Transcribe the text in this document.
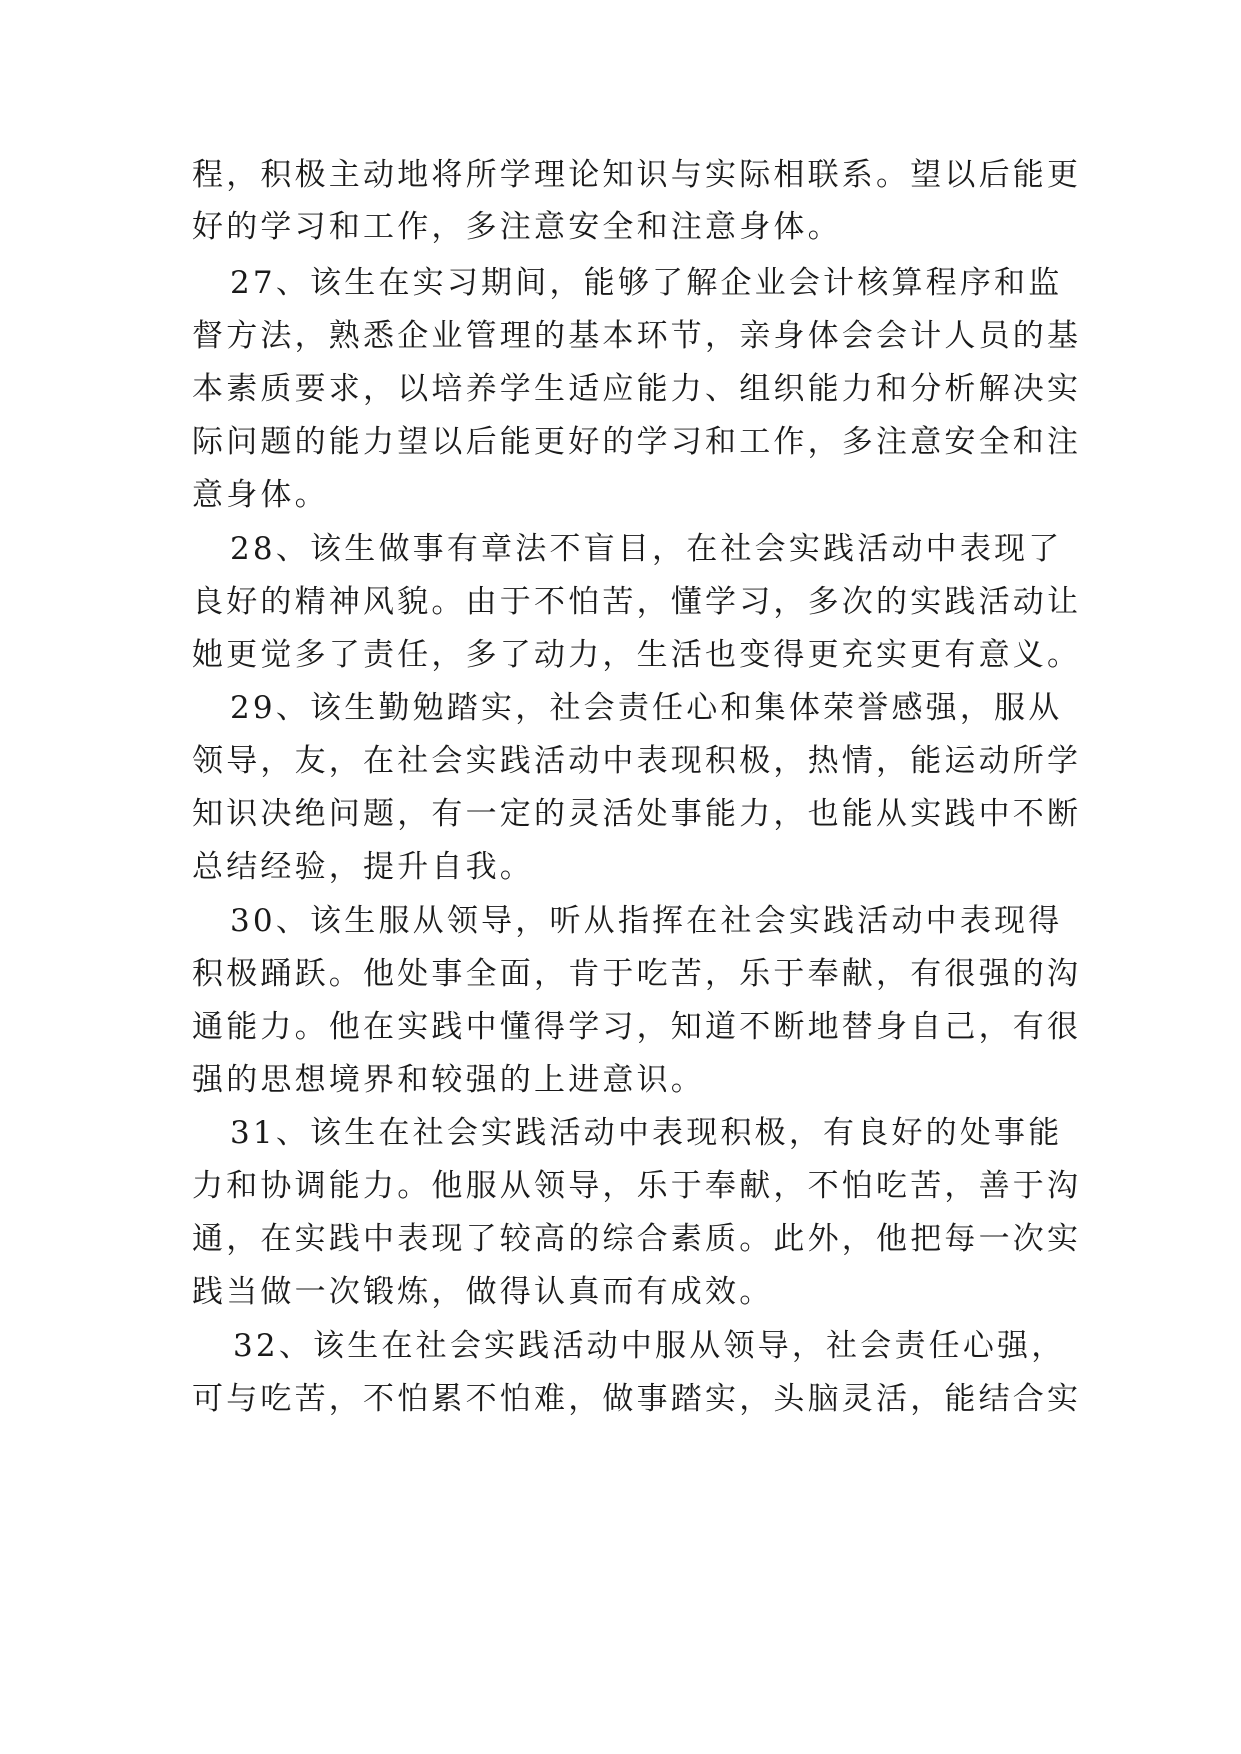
程，积极主动地将所学理论知识与实际相联系。望以后能更
好的学习和工作，多注意安全和注意身体。
27、该生在实习期间，能够了解企业会计核算程序和监
督方法，熟悉企业管理的基本环节，亲身体会会计人员的基
本素质要求，以培养学生适应能力、组织能力和分析解决实
际问题的能力望以后能更好的学习和工作，多注意安全和注
意身体。
28、该生做事有章法不盲目，在社会实践活动中表现了
良好的精神风貌。由于不怕苦，懂学习，多次的实践活动让
她更觉多了责任，多了动力，生活也变得更充实更有意义。
29、该生勤勉踏实，社会责任心和集体荣誉感强，服从
领导，友，在社会实践活动中表现积极，热情，能运动所学
知识决绝问题，有一定的灵活处事能力，也能从实践中不断
总结经验，提升自我。
30、该生服从领导，听从指挥在社会实践活动中表现得
积极踊跃。他处事全面，肯于吃苦，乐于奉献，有很强的沟
通能力。他在实践中懂得学习，知道不断地替身自己，有很
强的思想境界和较强的上进意识。
31、该生在社会实践活动中表现积极，有良好的处事能
力和协调能力。他服从领导，乐于奉献，不怕吃苦，善于沟
通，在实践中表现了较高的综合素质。此外，他把每一次实
践当做一次锻炼，做得认真而有成效。
32、该生在社会实践活动中服从领导，社会责任心强，
可与吃苦，不怕累不怕难，做事踏实，头脑灵活，能结合实
